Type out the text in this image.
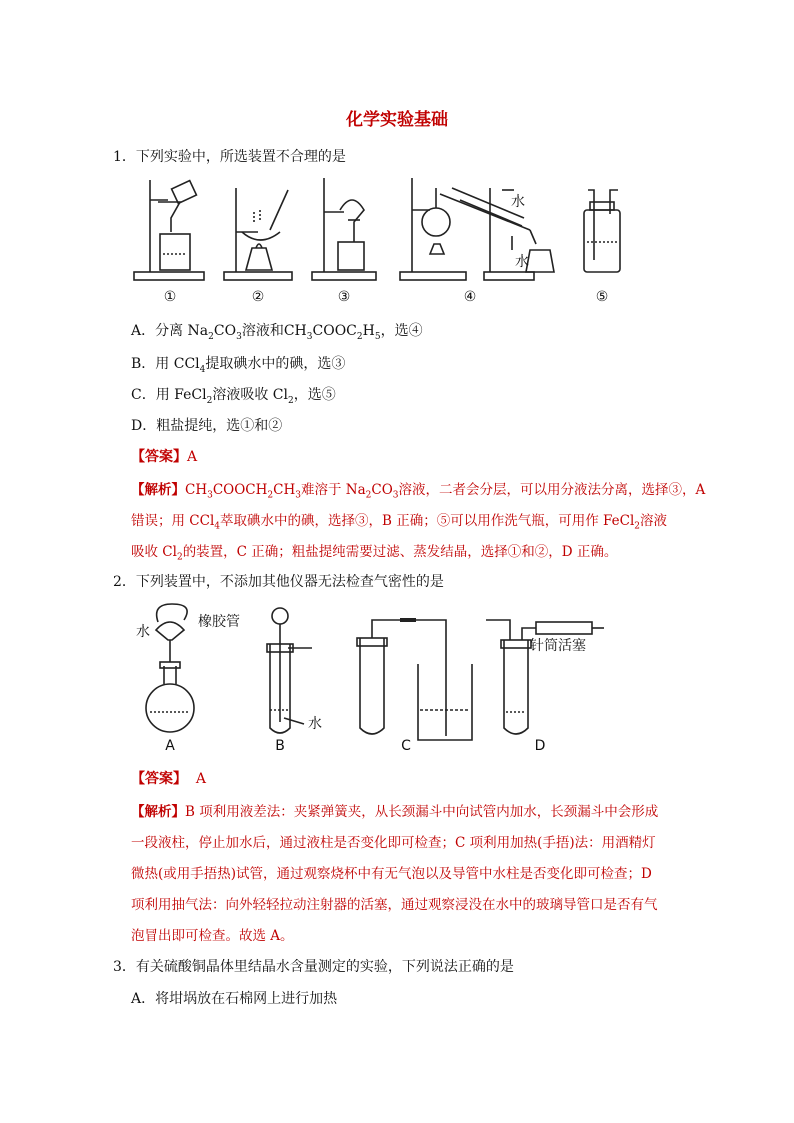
化学实验基础
1．下列实验中，所选装置不合理的是
水
水
①	②	③	④	⑤
A．分离 $Na_2CO_3$溶液和$CH_3COOC_2H_5$，选④
B．用 CCl$_4$提取碘水中的碘，选③
C．用 FeCl$_2$溶液吸收 $Cl_2$，选⑤
D．粗盐提纯，选①和②
【答案】A
【解析】$CH_3COOCH_2CH_3$难溶于 $Na_2CO_3$溶液，二者会分层，可以用分液法分离，选择③，A
错误；用 CCl$_4$萃取碘水中的碘，选择③，B 正确；⑤可以用作洗气瓶，可用作 FeCl$_2$溶液
吸收 $Cl_2$的装置，C 正确；粗盐提纯需要过滤、蒸发结晶，选择①和②，D 正确。
2．下列装置中，不添加其他仪器无法检查气密性的是
水
橡胶管
水
针筒活塞
A	B	C	D
【答案】 A
【解析】B 项利用液差法：夹紧弹簧夹，从长颈漏斗中向试管内加水，长颈漏斗中会形成
一段液柱，停止加水后，通过液柱是否变化即可检查；C 项利用加热(手捂)法：用酒精灯
微热(或用手捂热)试管，通过观察烧杯中有无气泡以及导管中水柱是否变化即可检查；D
项利用抽气法：向外轻轻拉动注射器的活塞，通过观察浸没在水中的玻璃导管口是否有气
泡冒出即可检查。故选 A。
3．有关硫酸铜晶体里结晶水含量测定的实验，下列说法正确的是
A．将坩埚放在石棉网上进行加热
